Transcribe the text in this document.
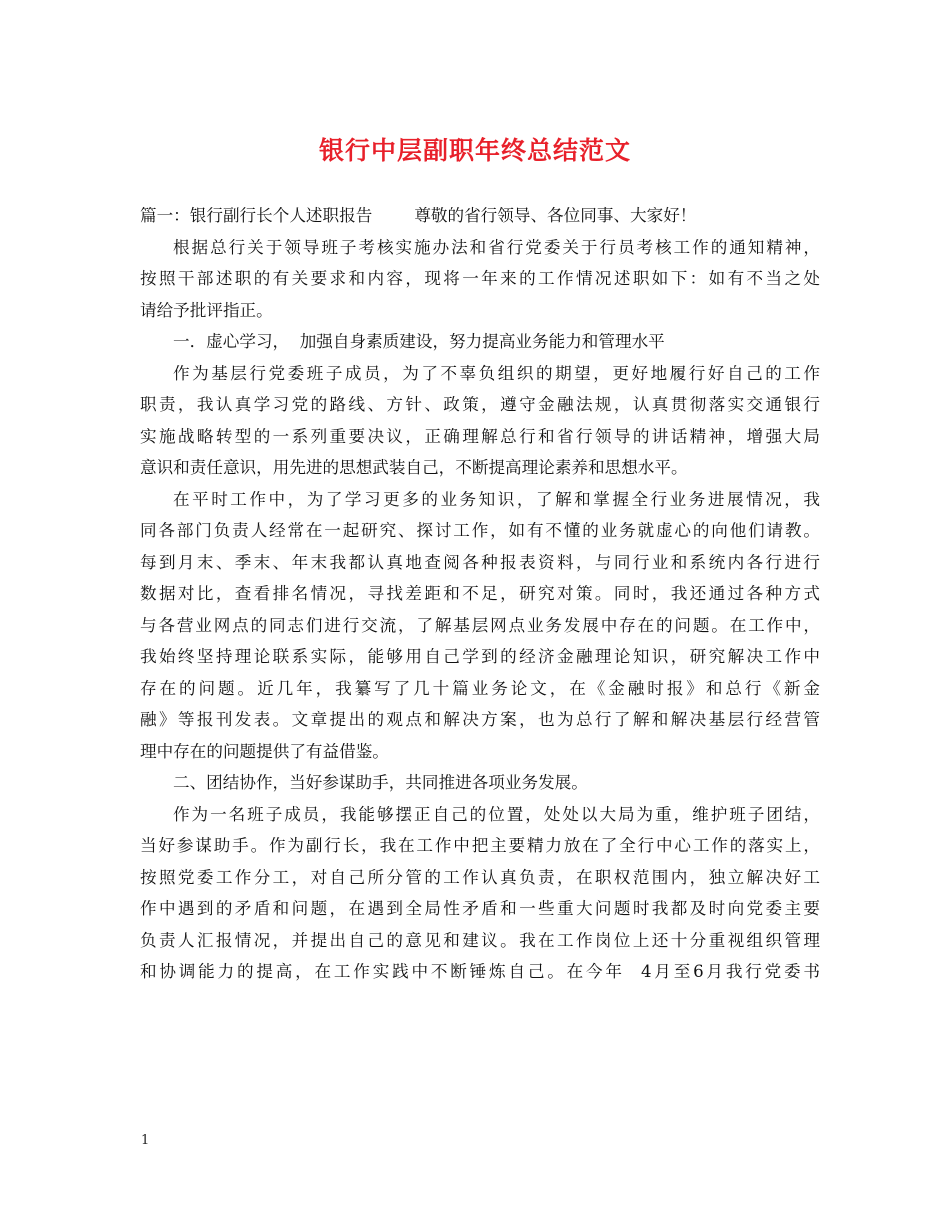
银行中层副职年终总结范文
篇一：银行副行长个人述职报告	尊敬的省行领导、各位同事、大家好！
根据总行关于领导班子考核实施办法和省行党委关于行员考核工作的通知精神，
按照干部述职的有关要求和内容，现将一年来的工作情况述职如下：如有不当之处
请给予批评指正。
一．虚心学习，  加强自身素质建设，努力提高业务能力和管理水平
作为基层行党委班子成员，为了不辜负组织的期望，更好地履行好自己的工作
职责，我认真学习党的路线、方针、政策，遵守金融法规，认真贯彻落实交通银行
实施战略转型的一系列重要决议，正确理解总行和省行领导的讲话精神，增强大局
意识和责任意识，用先进的思想武装自己，不断提高理论素养和思想水平。
在平时工作中，为了学习更多的业务知识，了解和掌握全行业务进展情况，我
同各部门负责人经常在一起研究、探讨工作，如有不懂的业务就虚心的向他们请教。
每到月末、季末、年末我都认真地查阅各种报表资料，与同行业和系统内各行进行
数据对比，查看排名情况，寻找差距和不足，研究对策。同时，我还通过各种方式
与各营业网点的同志们进行交流，了解基层网点业务发展中存在的问题。在工作中，
我始终坚持理论联系实际，能够用自己学到的经济金融理论知识，研究解决工作中
存在的问题。近几年，我纂写了几十篇业务论文，在《金融时报》和总行《新金
融》等报刊发表。文章提出的观点和解决方案，也为总行了解和解决基层行经营管
理中存在的问题提供了有益借鉴。
二、团结协作，当好参谋助手，共同推进各项业务发展。
作为一名班子成员，我能够摆正自己的位置，处处以大局为重，维护班子团结，
当好参谋助手。作为副行长，我在工作中把主要精力放在了全行中心工作的落实上，
按照党委工作分工，对自己所分管的工作认真负责，在职权范围内，独立解决好工
作中遇到的矛盾和问题，在遇到全局性矛盾和一些重大问题时我都及时向党委主要
负责人汇报情况，并提出自己的意见和建议。我在工作岗位上还十分重视组织管理
和协调能力的提高，在工作实践中不断锤炼自己。在今年  4月至6月我行党委书
1
